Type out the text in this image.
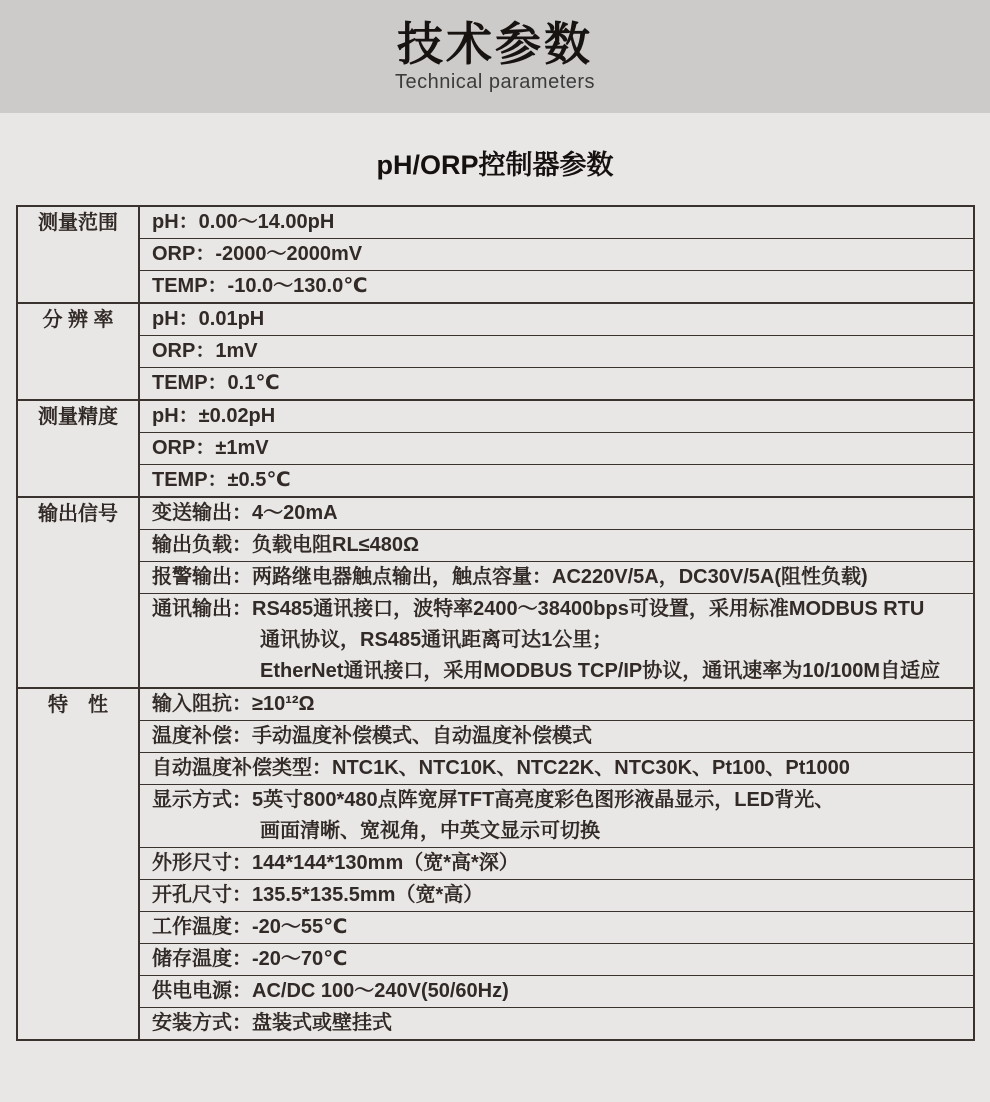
技术参数
Technical parameters
pH/ORP控制器参数
测量范围	pH：0.00～14.00pH
ORP：-2000～2000mV
TEMP：-10.0～130.0℃
分 辨 率	pH：0.01pH
ORP：1mV
TEMP：0.1℃
测量精度	pH：±0.02pH
ORP：±1mV
TEMP：±0.5℃
输出信号	变送输出：4～20mA
输出负载：负载电阻RL≤480Ω
报警输出：两路继电器触点输出，触点容量：AC220V/5A，DC30V/5A(阻性负载)
通讯输出：RS485通讯接口，波特率2400～38400bps可设置，采用标准MODBUS RTU
通讯协议，RS485通讯距离可达1公里；
EtherNet通讯接口，采用MODBUS TCP/IP协议，通讯速率为10/100M自适应
特　性	输入阻抗：≥10¹²Ω
温度补偿：手动温度补偿模式、自动温度补偿模式
自动温度补偿类型：NTC1K、NTC10K、NTC22K、NTC30K、Pt100、Pt1000
显示方式：5英寸800*480点阵宽屏TFT高亮度彩色图形液晶显示，LED背光、
画面清晰、宽视角，中英文显示可切换
外形尺寸：144*144*130mm（宽*高*深）
开孔尺寸：135.5*135.5mm（宽*高）
工作温度：-20～55℃
储存温度：-20～70℃
供电电源：AC/DC 100～240V(50/60Hz)
安装方式：盘装式或壁挂式
